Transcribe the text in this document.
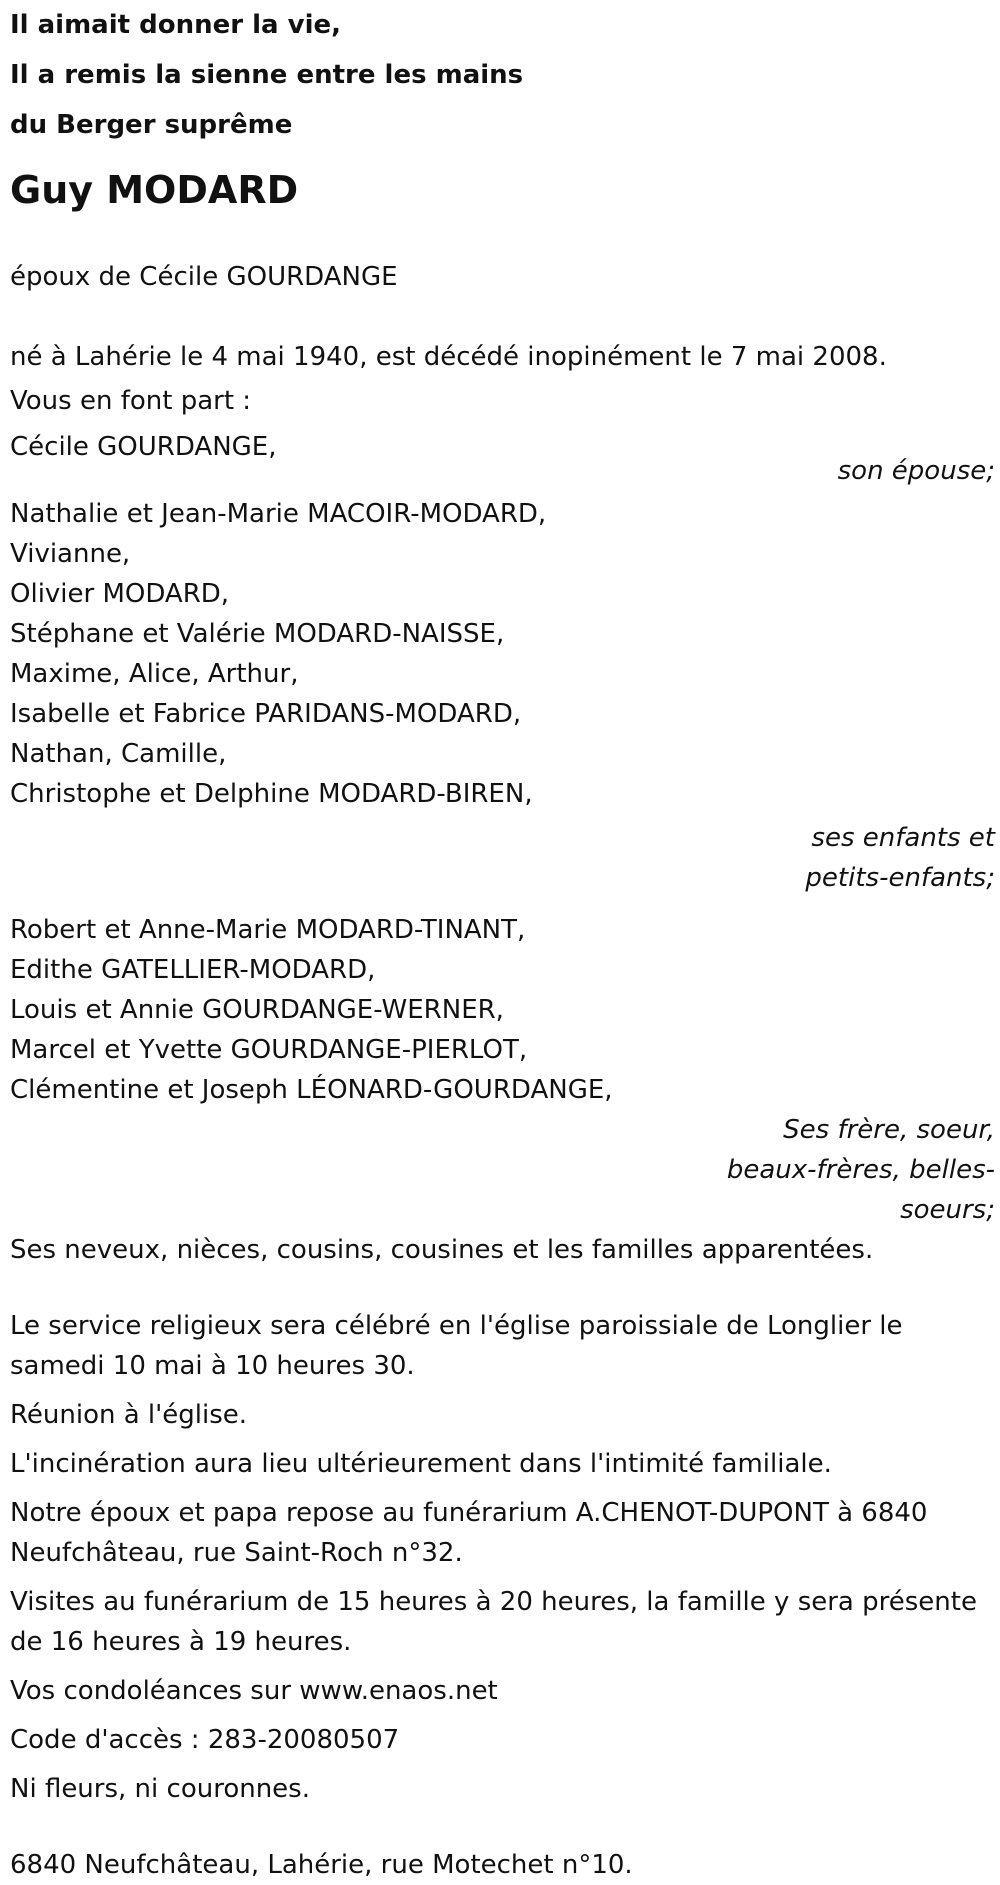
Il aimait donner la vie,
Il a remis la sienne entre les mains
du Berger suprême
Guy MODARD

époux de Cécile GOURDANGE

né à Lahérie le 4 mai 1940, est décédé inopinément le 7 mai 2008.

Vous en font part :

Cécile GOURDANGE,
son épouse;
Nathalie et Jean-Marie MACOIR-MODARD,
Vivianne,
Olivier MODARD,
Stéphane et Valérie MODARD-NAISSE,
Maxime, Alice, Arthur,
Isabelle et Fabrice PARIDANS-MODARD,
Nathan, Camille,
Christophe et Delphine MODARD-BIREN,
ses enfants et
petits-enfants;
Robert et Anne-Marie MODARD-TINANT,
Edithe GATELLIER-MODARD,
Louis et Annie GOURDANGE-WERNER,
Marcel et Yvette GOURDANGE-PIERLOT,
Clémentine et Joseph LÉONARD-GOURDANGE,
Ses frère, soeur,
beaux-frères, belles-
soeurs;

Ses neveux, nièces, cousins, cousines et les familles apparentées.

Le service religieux sera célébré en l'église paroissiale de Longlier le samedi 10 mai à 10 heures 30.

Réunion à l'église.

L'incinération aura lieu ultérieurement dans l'intimité familiale.

Notre époux et papa repose au funérarium A.CHENOT-DUPONT à 6840 Neufchâteau, rue Saint-Roch n°32.

Visites au funérarium de 15 heures à 20 heures, la famille y sera présente de 16 heures à 19 heures.

Vos condoléances sur www.enaos.net

Code d'accès : 283-20080507

Ni fleurs, ni couronnes.

6840 Neufchâteau, Lahérie, rue Motechet n°10.
